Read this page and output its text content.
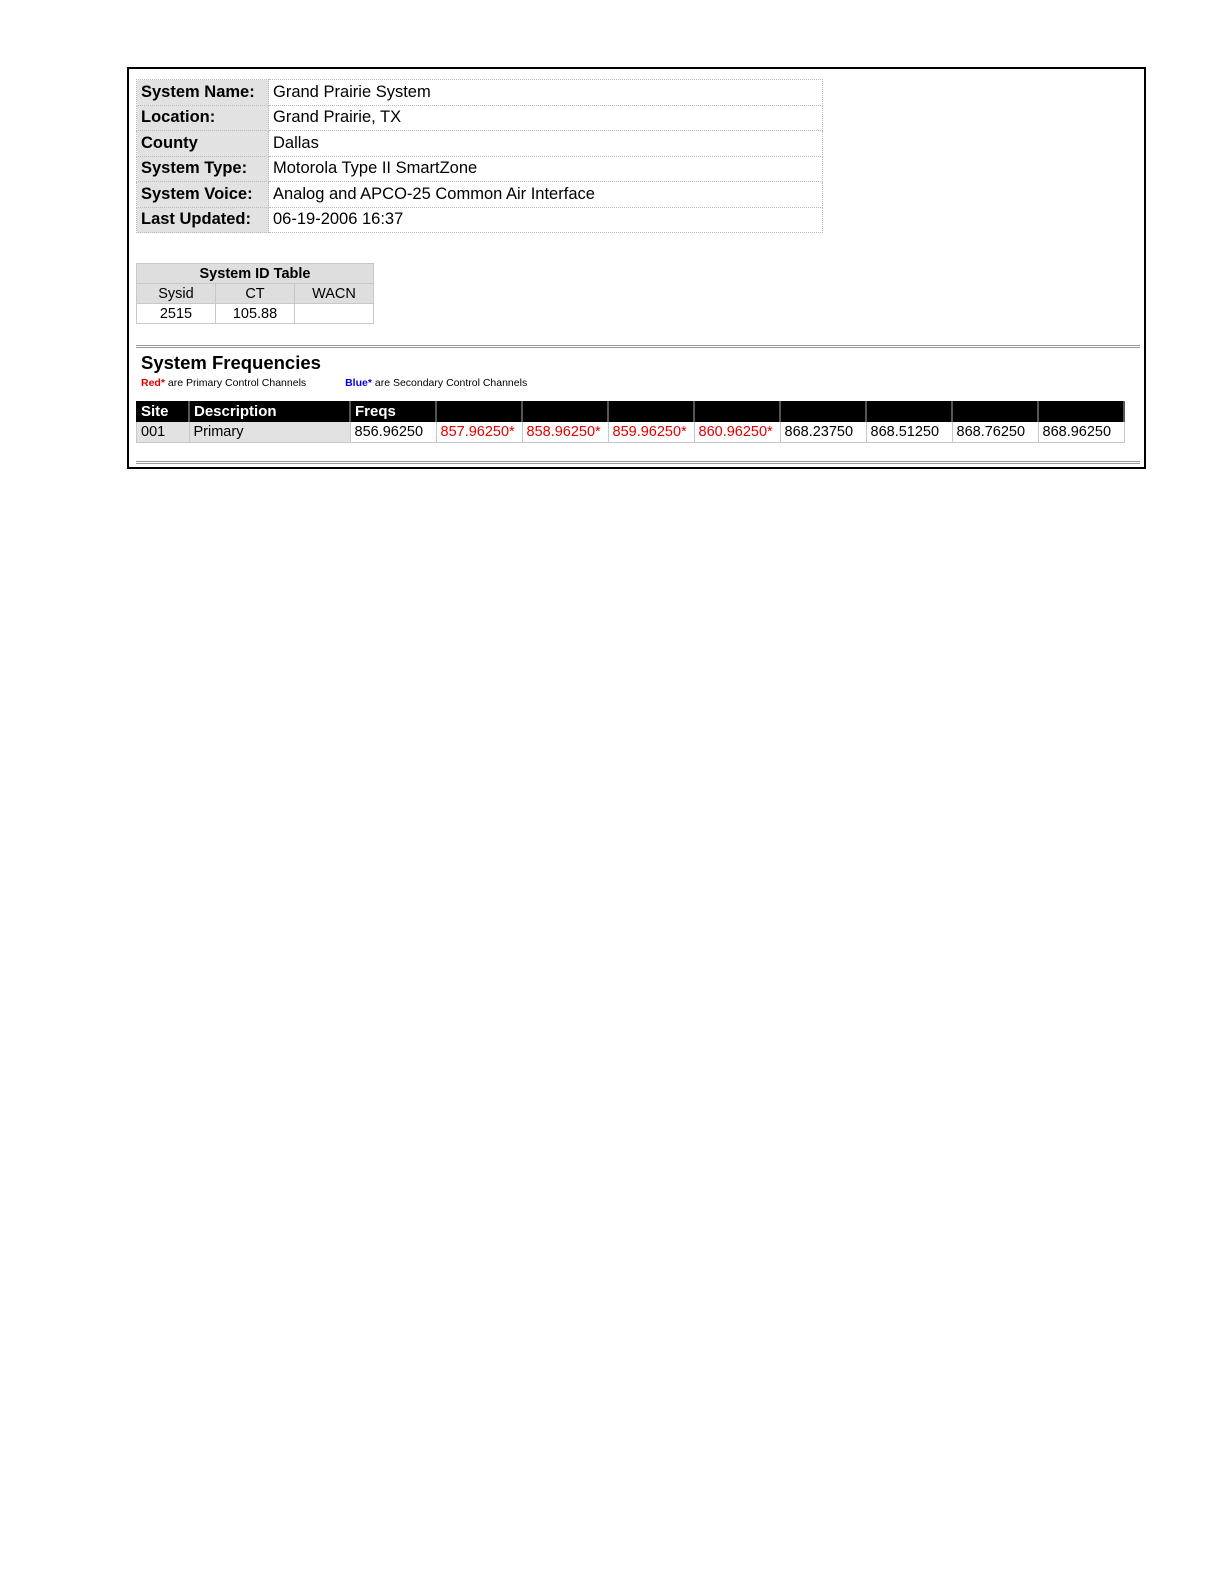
System Name:	Grand Prairie System
Location:	Grand Prairie, TX
County	Dallas
System Type:	Motorola Type II SmartZone
System Voice:	Analog and APCO-25 Common Air Interface
Last Updated:	06-19-2006 16:37
System ID Table		
Sysid	CT	WACN
2515	105.88	
System Frequencies
Red* are Primary Control Channels	Blue* are Secondary Control Channels
Site	Description	Freqs								
001	Primary	856.96250	857.96250*	858.96250*	859.96250*	860.96250*	868.23750	868.51250	868.76250	868.96250
